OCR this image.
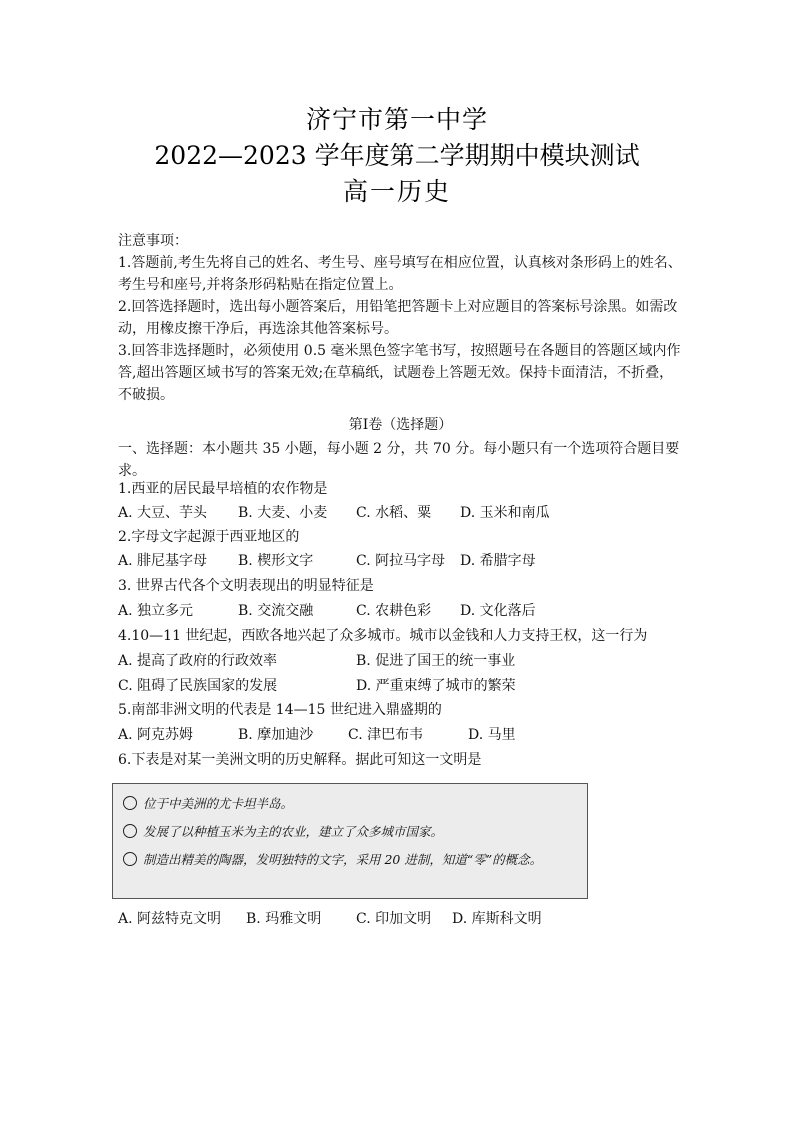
济宁市第一中学
2022—2023 学年度第二学期期中模块测试
高一历史

注意事项：

1.答题前,考生先将自己的姓名、考生号、座号填写在相应位置，认真核对条形码上的姓名、考生号和座号,并将条形码粘贴在指定位置上。

2.回答选择题时，选出每小题答案后，用铅笔把答题卡上对应题目的答案标号涂黑。如需改动，用橡皮擦干净后，再选涂其他答案标号。

3.回答非选择题时，必须使用 0.5 毫米黑色签字笔书写，按照题号在各题目的答题区域内作答,超出答题区域书写的答案无效;在草稿纸，试题卷上答题无效。保持卡面清洁，不折叠，不破损。

第Ⅰ卷（选择题）
一、选择题：本小题共 35 小题，每小题 2 分，共 70 分。每小题只有一个选项符合题目要求。
1.西亚的居民最早培植的农作物是
A. 大豆、芋头 B. 大麦、小麦 C. 水稻、粟 D. 玉米和南瓜
2.字母文字起源于西亚地区的
A. 腓尼基字母 B. 楔形文字	C. 阿拉马字母 D. 希腊字母
3. 世界古代各个文明表现出的明显特征是
A. 独立多元	B. 交流交融	C. 农耕色彩 D. 文化落后
4.10—11 世纪起，西欧各地兴起了众多城市。城市以金钱和人力支持王权，这一行为
A. 提高了政府的行政效率	B. 促进了国王的统一事业
C. 阻碍了民族国家的发展	D. 严重束缚了城市的繁荣
5.南部非洲文明的代表是 14—15 世纪进入鼎盛期的
A. 阿克苏姆	B. 摩加迪沙 C. 津巴布韦	D. 马里
6.下表是对某一美洲文明的历史解释。据此可知这一文明是
位于中美洲的尤卡坦半岛。
发展了以种植玉米为主的农业，建立了众多城市国家。
制造出精美的陶器，发明独特的文字，采用 20 进制，知道“零”的概念。
A. 阿兹特克文明 B. 玛雅文明 C. 印加文明 D. 库斯科文明
